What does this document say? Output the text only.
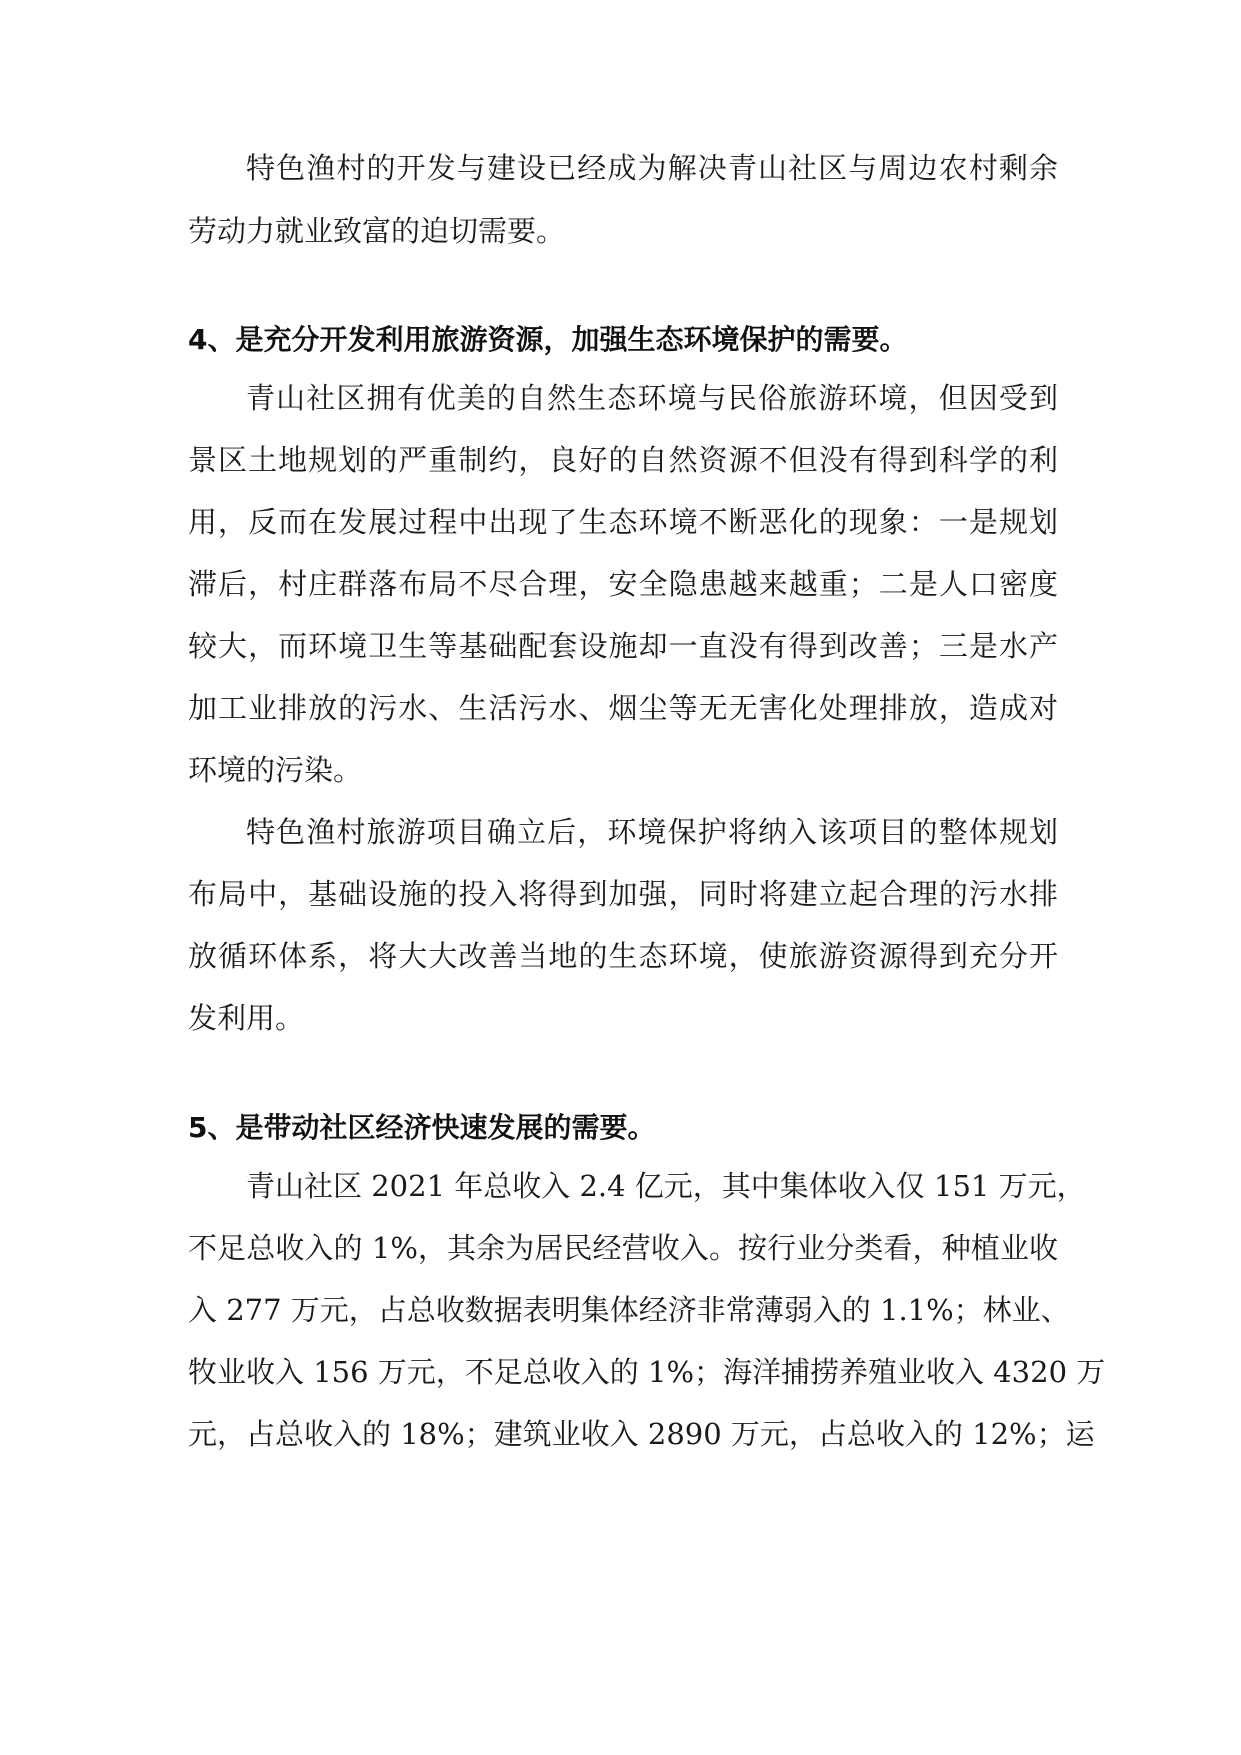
特色渔村的开发与建设已经成为解决青山社区与周边农村剩余
劳动力就业致富的迫切需要。
4、是充分开发利用旅游资源，加强生态环境保护的需要。
青山社区拥有优美的自然生态环境与民俗旅游环境，但因受到
景区土地规划的严重制约，良好的自然资源不但没有得到科学的利
用，反而在发展过程中出现了生态环境不断恶化的现象：一是规划
滞后，村庄群落布局不尽合理，安全隐患越来越重；二是人口密度
较大，而环境卫生等基础配套设施却一直没有得到改善；三是水产
加工业排放的污水、生活污水、烟尘等无无害化处理排放，造成对
环境的污染。
特色渔村旅游项目确立后，环境保护将纳入该项目的整体规划
布局中，基础设施的投入将得到加强，同时将建立起合理的污水排
放循环体系，将大大改善当地的生态环境，使旅游资源得到充分开
发利用。
5、是带动社区经济快速发展的需要。
青山社区 2021 年总收入 2.4 亿元，其中集体收入仅 151 万元，
不足总收入的 1%，其余为居民经营收入。按行业分类看，种植业收
入 277 万元，占总收数据表明集体经济非常薄弱入的 1.1%；林业、
牧业收入 156 万元，不足总收入的 1%；海洋捕捞养殖业收入 4320 万
元，占总收入的 18%；建筑业收入 2890 万元，占总收入的 12%；运
